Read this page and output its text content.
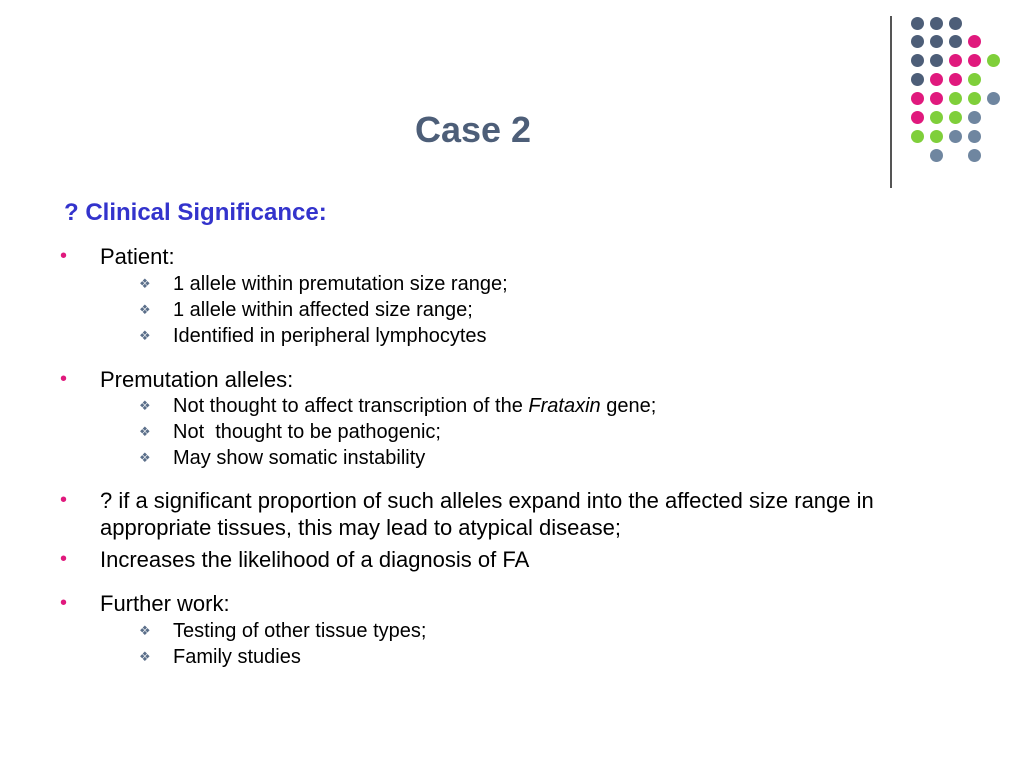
Case 2
? Clinical Significance:
• Patient:
❖ 1 allele within premutation size range;
❖ 1 allele within affected size range;
❖ Identified in peripheral lymphocytes
• Premutation alleles:
❖ Not thought to affect transcription of the Frataxin gene;
❖ Not  thought to be pathogenic;
❖ May show somatic instability
• ? if a significant proportion of such alleles expand into the affected size range in appropriate tissues, this may lead to atypical disease;
• Increases the likelihood of a diagnosis of FA
• Further work:
❖ Testing of other tissue types;
❖ Family studies
